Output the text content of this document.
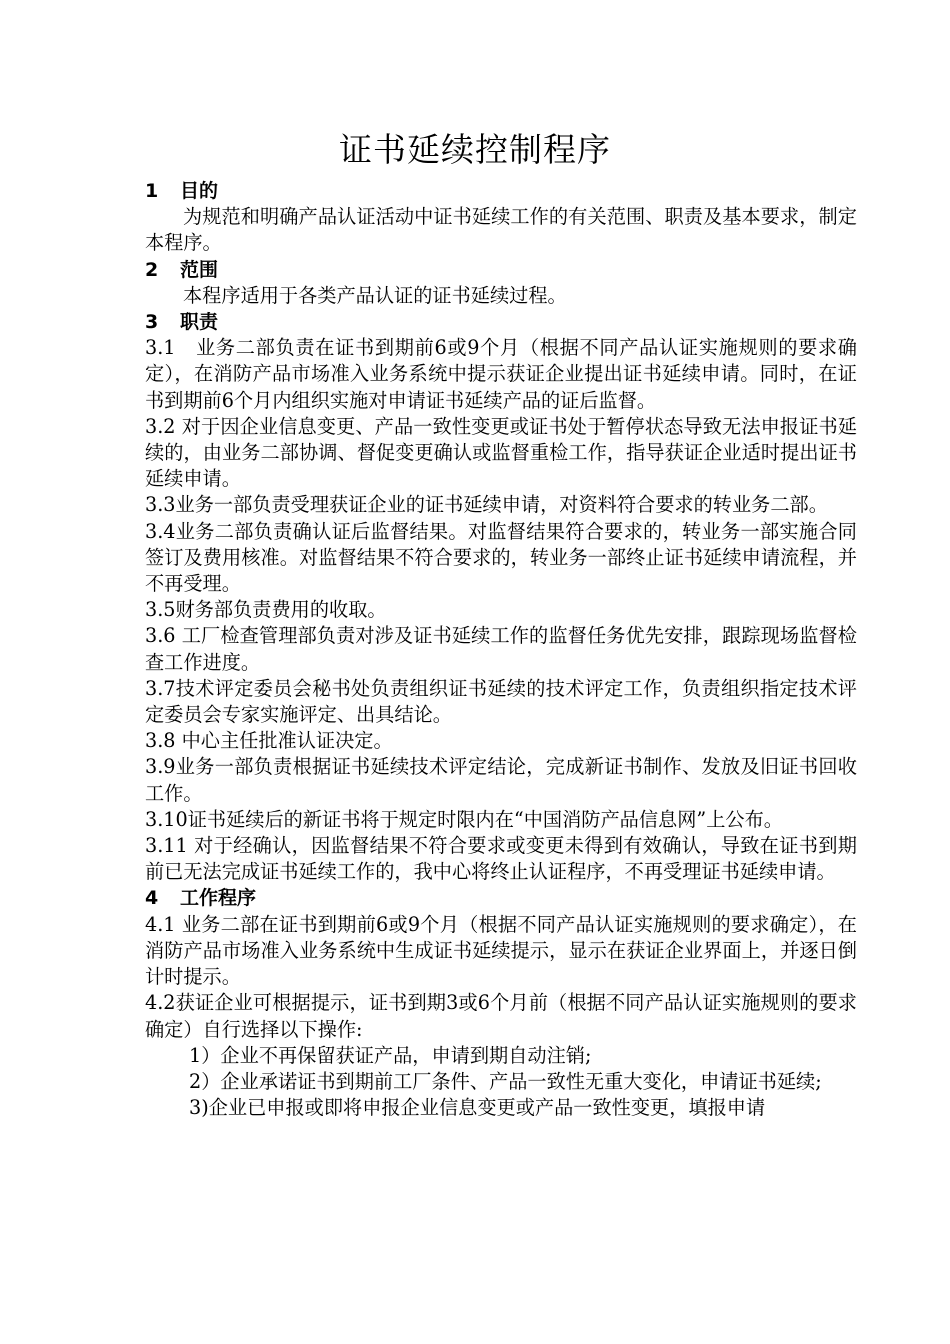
证书延续控制程序
1 目的

为规范和明确产品认证活动中证书延续工作的有关范围、职责及基本要求，制定本程序。

2 范围

本程序适用于各类产品认证的证书延续过程。

3 职责

3.1　业务二部负责在证书到期前6或9个月（根据不同产品认证实施规则的要求确定），在消防产品市场准入业务系统中提示获证企业提出证书延续申请。同时，在证书到期前6个月内组织实施对申请证书延续产品的证后监督。

3.2 对于因企业信息变更、产品一致性变更或证书处于暂停状态导致无法申报证书延续的，由业务二部协调、督促变更确认或监督重检工作，指导获证企业适时提出证书延续申请。

3.3业务一部负责受理获证企业的证书延续申请，对资料符合要求的转业务二部。

3.4业务二部负责确认证后监督结果。对监督结果符合要求的，转业务一部实施合同签订及费用核准。对监督结果不符合要求的，转业务一部终止证书延续申请流程，并不再受理。

3.5财务部负责费用的收取。

3.6 工厂检查管理部负责对涉及证书延续工作的监督任务优先安排，跟踪现场监督检查工作进度。

3.7技术评定委员会秘书处负责组织证书延续的技术评定工作，负责组织指定技术评定委员会专家实施评定、出具结论。

3.8 中心主任批准认证决定。

3.9业务一部负责根据证书延续技术评定结论，完成新证书制作、发放及旧证书回收工作。

3.10证书延续后的新证书将于规定时限内在“中国消防产品信息网”上公布。

3.11 对于经确认，因监督结果不符合要求或变更未得到有效确认，导致在证书到期前已无法完成证书延续工作的，我中心将终止认证程序，不再受理证书延续申请。

4 工作程序

4.1 业务二部在证书到期前6或9个月（根据不同产品认证实施规则的要求确定），在消防产品市场准入业务系统中生成证书延续提示，显示在获证企业界面上，并逐日倒计时提示。

4.2获证企业可根据提示，证书到期3或6个月前（根据不同产品认证实施规则的要求确定）自行选择以下操作:

1）企业不再保留获证产品，申请到期自动注销;

2）企业承诺证书到期前工厂条件、产品一致性无重大变化，申请证书延续;

3)企业已申报或即将申报企业信息变更或产品一致性变更，填报申请
